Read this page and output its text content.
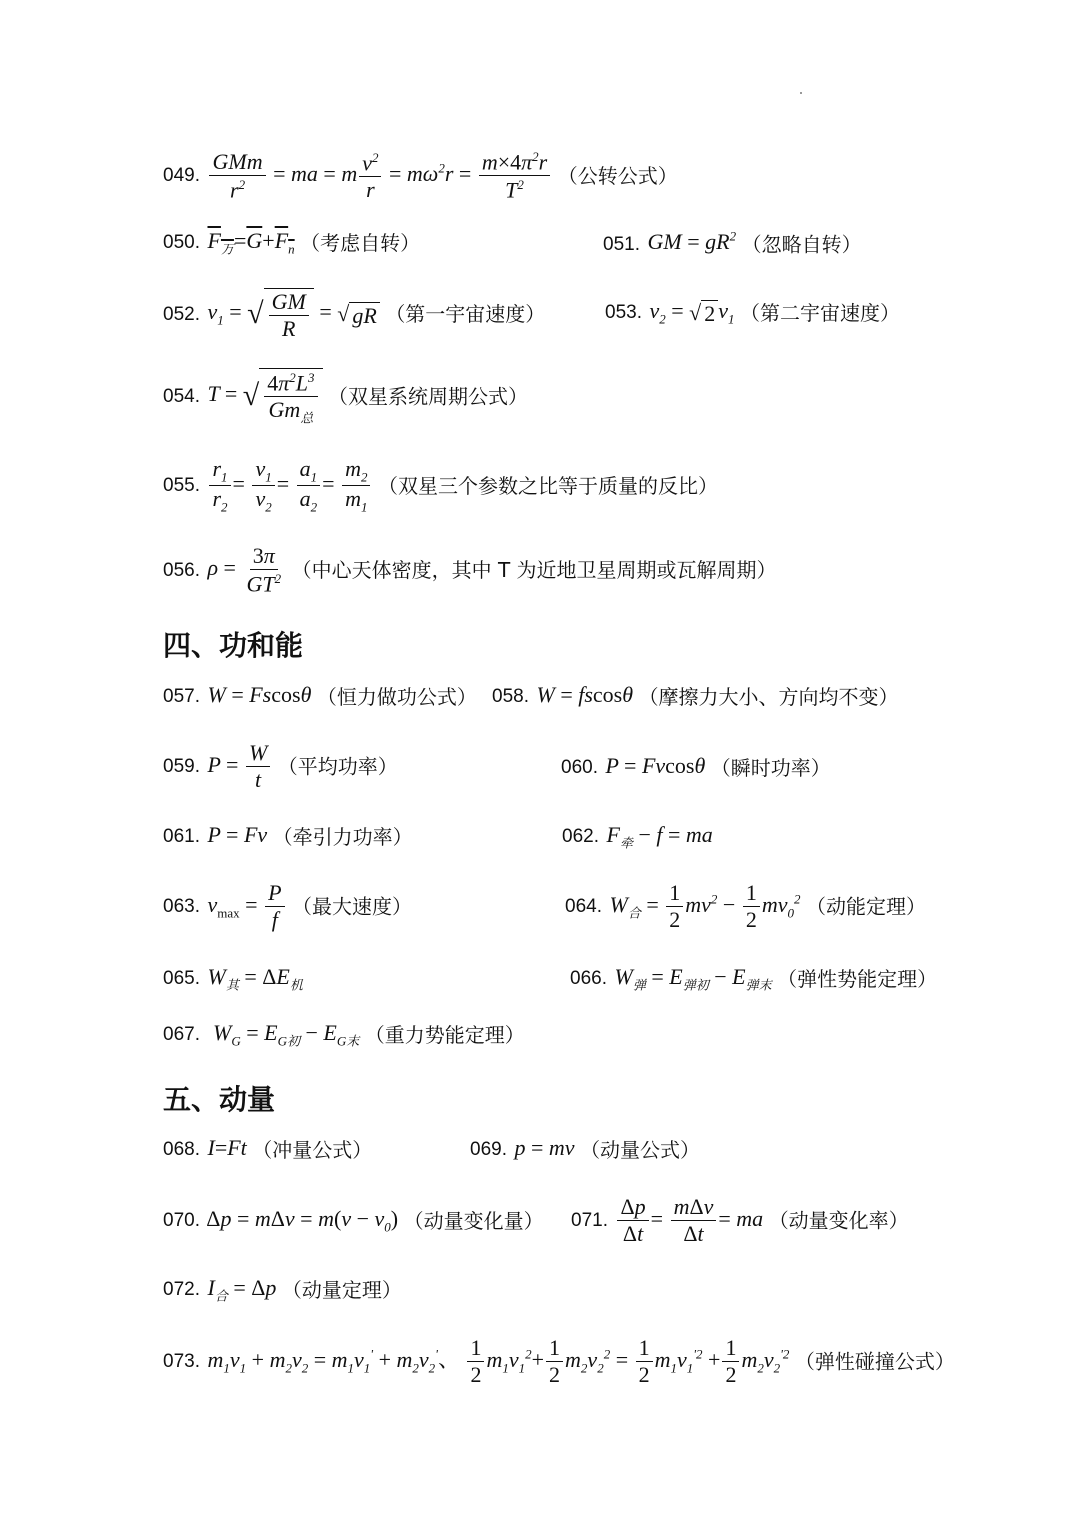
049. $\frac{\text{GMm}}{r^2}$ = ma = m $\frac{v^2}{r} = m\omega^2r = \frac{m\times 4\pi^2r}{T^2}$ （公转公式）
050. $F_万=\overline{G}+F_n$ （考虑自转）	051. GM = $gR^2$ （忽略自转）
052. $v_1$ = √ $\frac{GM}{R}$ = √ gR （第一宇宙速度）	053. $v_2$ = √ 2 $v_1$ （第二宇宙速度）
054. T = √ $\frac{4\pi^2L^3}{Gm_总}$ （双星系统周期公式）
055. $\frac{r_1}{r_2} = \frac{v_1}{v_2} = \frac{a_1}{a_2} = \frac{m_2}{m_1}$ （双星三个参数之比等于质量的反比）
056. $\rho = \frac{3\pi}{GT^2}$ （中心天体密度，其中 T 为近地卫星周期或瓦解周期）
四、功和能
057. W = Fscosθ （恒力做功公式） 058. W = fscosθ （摩擦力大小、方向均不变）
059. $P = \frac{W}{t}$ （平均功率）	060. P = Fvcosθ （瞬时功率）
061. P = Fv （牵引力功率）	062. $F_牵 - f$ = ma
063. $v_{max} = \frac{P}{f}$ （最大速度）	064. $W_合 = \frac{1}{2} mv^2 - \frac{1}{2} mv_0^2$ （动能定理）
065. $W_其 = \Delta E_机$	066. $W_弹 = E_{弹初} - E_{弹末}$ （弹性势能定理）
067.  $W_G = E_{G初} - E_{G末}$ （重力势能定理）
五、动量
068. I=Ft （冲量公式）	069. p = mv （动量公式）
070. $\Delta p = m\Delta v = m(v - v_0)$ （动量变化量） 071. $\frac{\Delta p}{\Delta t} = \frac{\text{mΔv}}{\Delta t}$ = ma （动量变化率）
072. $I_合 = \Delta p$ （动量定理）
073. $m_1v_1 + m_2v_2 = m_1v_1' + m_2v_2'$、 $\frac{1}{2} m_1v_1^2+ \frac{1}{2} m_2v_2^2 = \frac{1}{2} m_1v_1^{'2} + \frac{1}{2} m_2v_2^{'2}$ （弹性碰撞公式）
